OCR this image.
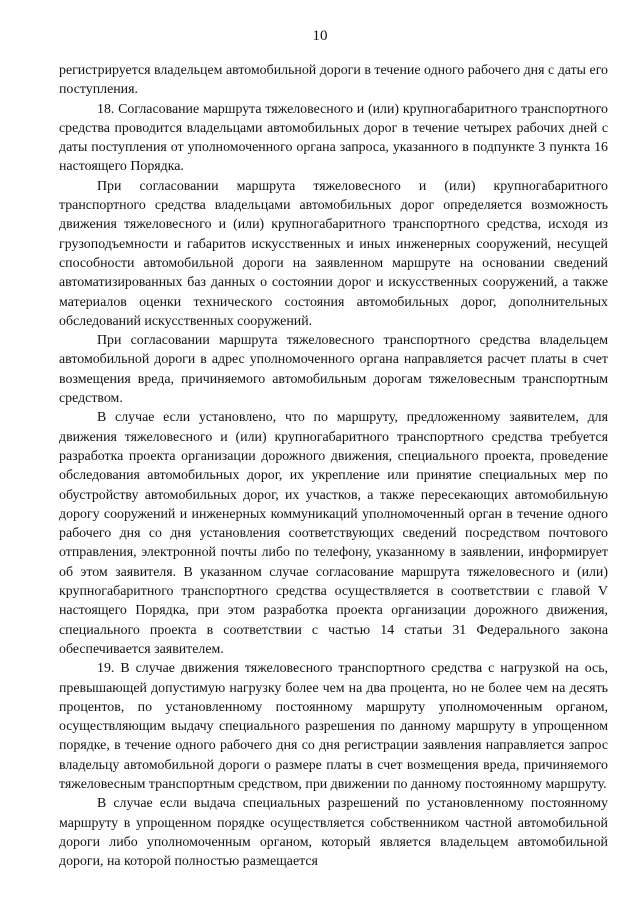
10

регистрируется владельцем автомобильной дороги в течение одного рабочего дня с даты его поступления.

18. Согласование маршрута тяжеловесного и (или) крупногабаритного транспортного средства проводится владельцами автомобильных дорог в течение четырех рабочих дней с даты поступления от уполномоченного органа запроса, указанного в подпункте 3 пункта 16 настоящего Порядка.

При согласовании маршрута тяжеловесного и (или) крупногабаритного транспортного средства владельцами автомобильных дорог определяется возможность движения тяжеловесного и (или) крупногабаритного транспортного средства, исходя из грузоподъемности и габаритов искусственных и иных инженерных сооружений, несущей способности автомобильной дороги на заявленном маршруте на основании сведений автоматизированных баз данных о состоянии дорог и искусственных сооружений, а также материалов оценки технического состояния автомобильных дорог, дополнительных обследований искусственных сооружений.

При согласовании маршрута тяжеловесного транспортного средства владельцем автомобильной дороги в адрес уполномоченного органа направляется расчет платы в счет возмещения вреда, причиняемого автомобильным дорогам тяжеловесным транспортным средством.

В случае если установлено, что по маршруту, предложенному заявителем, для движения тяжеловесного и (или) крупногабаритного транспортного средства требуется разработка проекта организации дорожного движения, специального проекта, проведение обследования автомобильных дорог, их укрепление или принятие специальных мер по обустройству автомобильных дорог, их участков, а также пересекающих автомобильную дорогу сооружений и инженерных коммуникаций уполномоченный орган в течение одного рабочего дня со дня установления соответствующих сведений посредством почтового отправления, электронной почты либо по телефону, указанному в заявлении, информирует об этом заявителя. В указанном случае согласование маршрута тяжеловесного и (или) крупногабаритного транспортного средства осуществляется в соответствии с главой V настоящего Порядка, при этом разработка проекта организации дорожного движения, специального проекта в соответствии с частью 14 статьи 31 Федерального закона обеспечивается заявителем.

19. В случае движения тяжеловесного транспортного средства с нагрузкой на ось, превышающей допустимую нагрузку более чем на два процента, но не более чем на десять процентов, по установленному постоянному маршруту уполномоченным органом, осуществляющим выдачу специального разрешения по данному маршруту в упрощенном порядке, в течение одного рабочего дня со дня регистрации заявления направляется запрос владельцу автомобильной дороги о размере платы в счет возмещения вреда, причиняемого тяжеловесным транспортным средством, при движении по данному постоянному маршруту.

В случае если выдача специальных разрешений по установленному постоянному маршруту в упрощенном порядке осуществляется собственником частной автомобильной дороги либо уполномоченным органом, который является владельцем автомобильной дороги, на которой полностью размещается
